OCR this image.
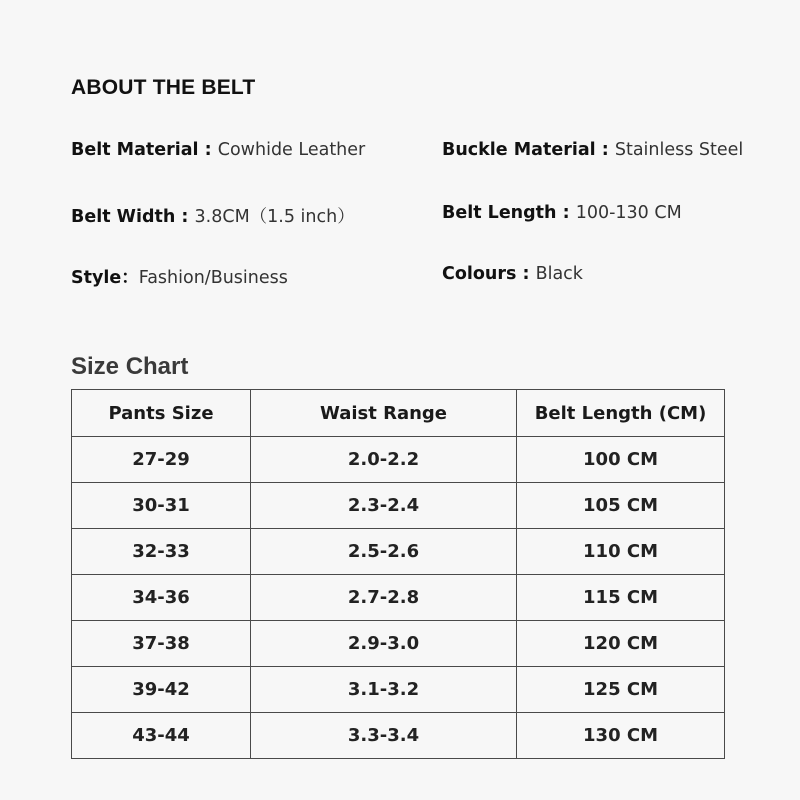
ABOUT THE BELT
Belt Material : Cowhide Leather	Buckle Material : Stainless Steel
Belt Width : 3.8CM（1.5 inch）	Belt Length : 100-130 CM
Style：Fashion/Business	Colours : Black
Size Chart
Pants Size	Waist Range	Belt Length (CM)
27-29	2.0-2.2	100 CM
30-31	2.3-2.4	105 CM
32-33	2.5-2.6	110 CM
34-36	2.7-2.8	115 CM
37-38	2.9-3.0	120 CM
39-42	3.1-3.2	125 CM
43-44	3.3-3.4	130 CM
